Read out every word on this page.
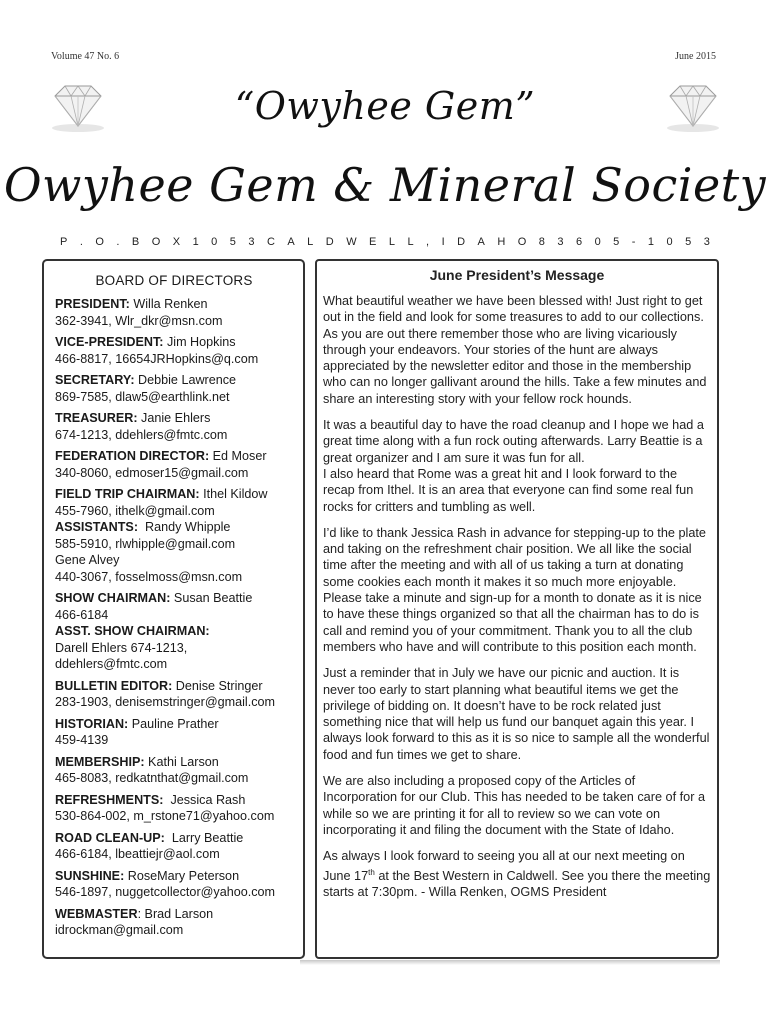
Volume 47 No. 6	June 2015
“Owyhee Gem”
Owyhee Gem & Mineral Society
P . O . B O X 1 0 5 3 C A L D W E L L , I D A H O 8 3 6 0 5 - 1 0 5 3
BOARD OF DIRECTORS
PRESIDENT: Willa Renken
362-3941, Wlr_dkr@msn.com
VICE-PRESIDENT: Jim Hopkins
466-8817, 16654JRHopkins@q.com
SECRETARY: Debbie Lawrence
869-7585, dlaw5@earthlink.net
TREASURER: Janie Ehlers
674-1213, ddehlers@fmtc.com
FEDERATION DIRECTOR: Ed Moser
340-8060, edmoser15@gmail.com
FIELD TRIP CHAIRMAN: Ithel Kildow
455-7960, ithelk@gmail.com
ASSISTANTS:  Randy Whipple
585-5910, rlwhipple@gmail.com
Gene Alvey
440-3067, fosselmoss@msn.com
SHOW CHAIRMAN: Susan Beattie
466-6184
ASST. SHOW CHAIRMAN:
Darell Ehlers 674-1213,
ddehlers@fmtc.com
BULLETIN EDITOR: Denise Stringer
283-1903, denisemstringer@gmail.com
HISTORIAN: Pauline Prather
459-4139
MEMBERSHIP: Kathi Larson
465-8083, redkatnthat@gmail.com
REFRESHMENTS:  Jessica Rash
530-864-002, m_rstone71@yahoo.com
ROAD CLEAN-UP:  Larry Beattie
466-6184, lbeattiejr@aol.com
SUNSHINE: RoseMary Peterson
546-1897, nuggetcollector@yahoo.com
WEBMASTER: Brad Larson
idrockman@gmail.com
June President’s Message

What beautiful weather we have been blessed with! Just right to get out in the field and look for some treasures to add to our collections. As you are out there remember those who are living vicariously through your endeavors. Your stories of the hunt are always appreciated by the newsletter editor and those in the membership who can no longer gallivant around the hills. Take a few minutes and share an interesting story with your fellow rock hounds.

It was a beautiful day to have the road cleanup and I hope we had a great time along with a fun rock outing afterwards. Larry Beattie is a great organizer and I am sure it was fun for all.

I also heard that Rome was a great hit and I look forward to the recap from Ithel. It is an area that everyone can find some real fun rocks for critters and tumbling as well.

I’d like to thank Jessica Rash in advance for stepping-up to the plate and taking on the refreshment chair position. We all like the social time after the meeting and with all of us taking a turn at donating some cookies each month it makes it so much more enjoyable. Please take a minute and sign-up for a month to donate as it is nice to have these things organized so that all the chairman has to do is call and remind you of your commitment. Thank you to all the club members who have and will contribute to this position each month.

Just a reminder that in July we have our picnic and auction. It is never too early to start planning what beautiful items we get the privilege of bidding on. It doesn’t have to be rock related just something nice that will help us fund our banquet again this year. I always look forward to this as it is so nice to sample all the wonderful food and fun times we get to share.

We are also including a proposed copy of the Articles of Incorporation for our Club. This has needed to be taken care of for a while so we are printing it for all to review so we can vote on incorporating it and filing the document with the State of Idaho.

As always I look forward to seeing you all at our next meeting on June 17th at the Best Western in Caldwell. See you there the meeting starts at 7:30pm. - Willa Renken, OGMS President
